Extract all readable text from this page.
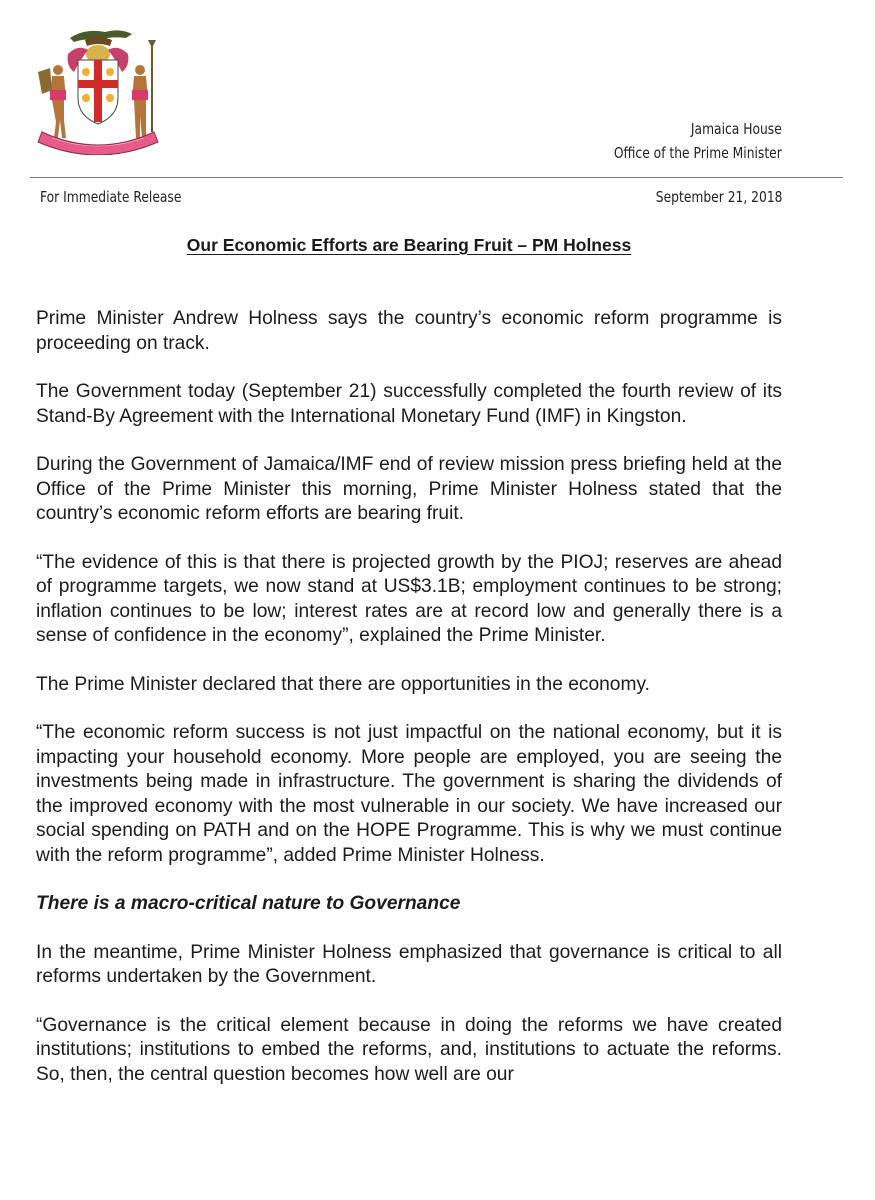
Jamaica House
Office of the Prime Minister
For Immediate Release	September 21, 2018
Our Economic Efforts are Bearing Fruit – PM Holness

Prime Minister Andrew Holness says the country’s economic reform programme is proceeding on track.

The Government today (September 21) successfully completed the fourth review of its Stand-By Agreement with the International Monetary Fund (IMF) in Kingston.

During the Government of Jamaica/IMF end of review mission press briefing held at the Office of the Prime Minister this morning, Prime Minister Holness stated that the country’s economic reform efforts are bearing fruit.

“The evidence of this is that there is projected growth by the PIOJ; reserves are ahead of programme targets, we now stand at US$3.1B; employment continues to be strong; inflation continues to be low; interest rates are at record low and generally there is a sense of confidence in the economy”, explained the Prime Minister.

The Prime Minister declared that there are opportunities in the economy.

“The economic reform success is not just impactful on the national economy, but it is impacting your household economy. More people are employed, you are seeing the investments being made in infrastructure. The government is sharing the dividends of the improved economy with the most vulnerable in our society. We have increased our social spending on PATH and on the HOPE Programme. This is why we must continue with the reform programme”, added Prime Minister Holness.

There is a macro-critical nature to Governance

In the meantime, Prime Minister Holness emphasized that governance is critical to all reforms undertaken by the Government.

“Governance is the critical element because in doing the reforms we have created institutions; institutions to embed the reforms, and, institutions to actuate the reforms. So, then, the central question becomes how well are our
